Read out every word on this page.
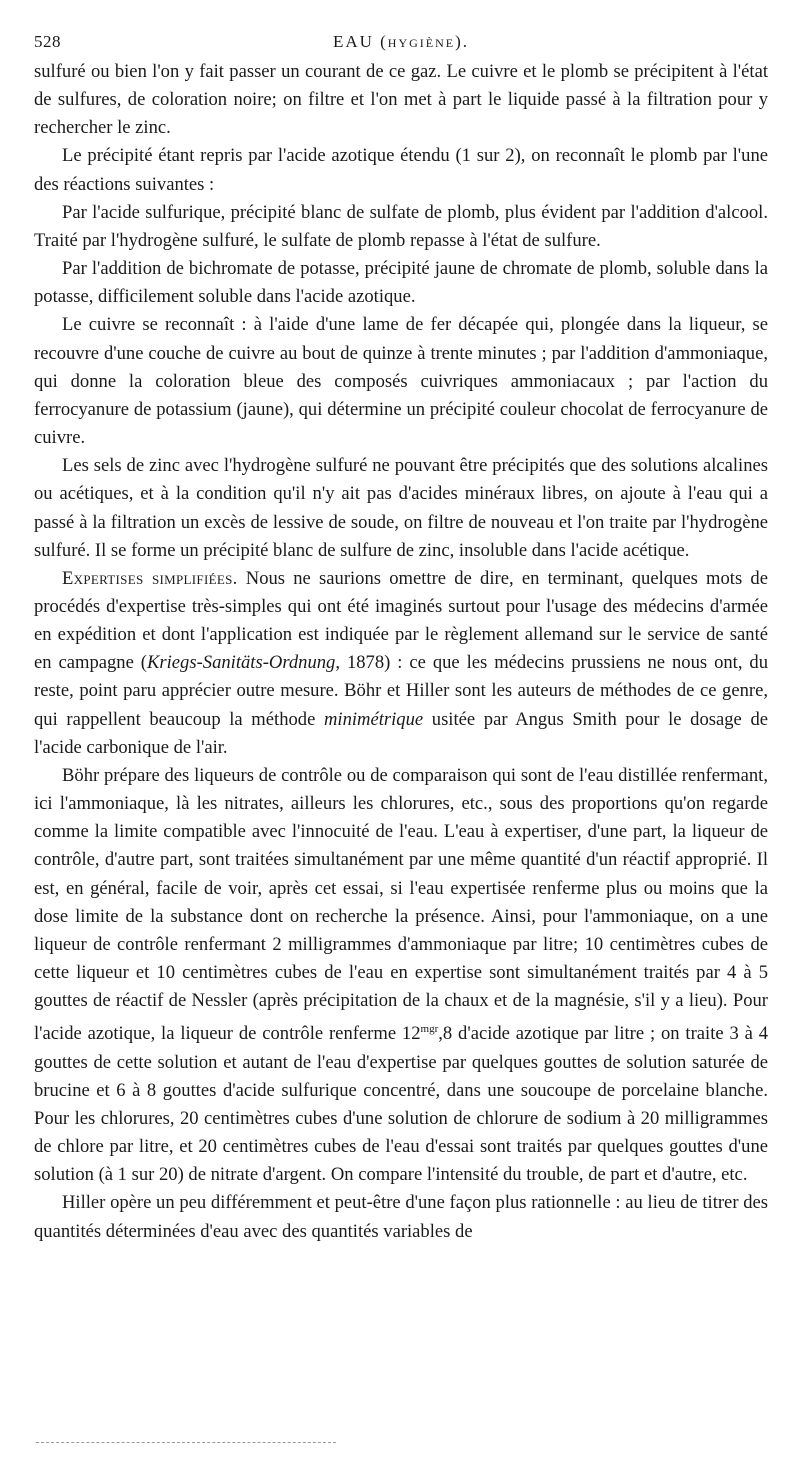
528	EAU (HYGIÈNE).

sulfuré ou bien l'on y fait passer un courant de ce gaz. Le cuivre et le plomb se précipitent à l'état de sulfures, de coloration noire; on filtre et l'on met à part le liquide passé à la filtration pour y rechercher le zinc.

Le précipité étant repris par l'acide azotique étendu (1 sur 2), on reconnaît le plomb par l'une des réactions suivantes :

Par l'acide sulfurique, précipité blanc de sulfate de plomb, plus évident par l'addition d'alcool. Traité par l'hydrogène sulfuré, le sulfate de plomb repasse à l'état de sulfure.

Par l'addition de bichromate de potasse, précipité jaune de chromate de plomb, soluble dans la potasse, difficilement soluble dans l'acide azotique.

Le cuivre se reconnaît : à l'aide d'une lame de fer décapée qui, plongée dans la liqueur, se recouvre d'une couche de cuivre au bout de quinze à trente minutes ; par l'addition d'ammoniaque, qui donne la coloration bleue des composés cuivriques ammoniacaux ; par l'action du ferrocyanure de potassium (jaune), qui détermine un précipité couleur chocolat de ferrocyanure de cuivre.

Les sels de zinc avec l'hydrogène sulfuré ne pouvant être précipités que des solutions alcalines ou acétiques, et à la condition qu'il n'y ait pas d'acides minéraux libres, on ajoute à l'eau qui a passé à la filtration un excès de lessive de soude, on filtre de nouveau et l'on traite par l'hydrogène sulfuré. Il se forme un précipité blanc de sulfure de zinc, insoluble dans l'acide acétique.

Expertises simplifiées. Nous ne saurions omettre de dire, en terminant, quelques mots de procédés d'expertise très-simples qui ont été imaginés surtout pour l'usage des médecins d'armée en expédition et dont l'application est indiquée par le règlement allemand sur le service de santé en campagne (Kriegs-Sanitäts-Ordnung, 1878) : ce que les médecins prussiens ne nous ont, du reste, point paru apprécier outre mesure. Böhr et Hiller sont les auteurs de méthodes de ce genre, qui rappellent beaucoup la méthode minimétrique usitée par Angus Smith pour le dosage de l'acide carbonique de l'air.

Böhr prépare des liqueurs de contrôle ou de comparaison qui sont de l'eau distillée renfermant, ici l'ammoniaque, là les nitrates, ailleurs les chlorures, etc., sous des proportions qu'on regarde comme la limite compatible avec l'innocuité de l'eau. L'eau à expertiser, d'une part, la liqueur de contrôle, d'autre part, sont traitées simultanément par une même quantité d'un réactif approprié. Il est, en général, facile de voir, après cet essai, si l'eau expertisée renferme plus ou moins que la dose limite de la substance dont on recherche la présence. Ainsi, pour l'ammoniaque, on a une liqueur de contrôle renfermant 2 milligrammes d'ammoniaque par litre; 10 centimètres cubes de cette liqueur et 10 centimètres cubes de l'eau en expertise sont simultanément traités par 4 à 5 gouttes de réactif de Nessler (après précipitation de la chaux et de la magnésie, s'il y a lieu). Pour l'acide azotique, la liqueur de contrôle renferme $12^{mgr},8$ d'acide azotique par litre ; on traite 3 à 4 gouttes de cette solution et autant de l'eau d'expertise par quelques gouttes de solution saturée de brucine et 6 à 8 gouttes d'acide sulfurique concentré, dans une soucoupe de porcelaine blanche. Pour les chlorures, 20 centimètres cubes d'une solution de chlorure de sodium à 20 milligrammes de chlore par litre, et 20 centimètres cubes de l'eau d'essai sont traités par quelques gouttes d'une solution (à 1 sur 20) de nitrate d'argent. On compare l'intensité du trouble, de part et d'autre, etc.

Hiller opère un peu différemment et peut-être d'une façon plus rationnelle : au lieu de titrer des quantités déterminées d'eau avec des quantités variables de
